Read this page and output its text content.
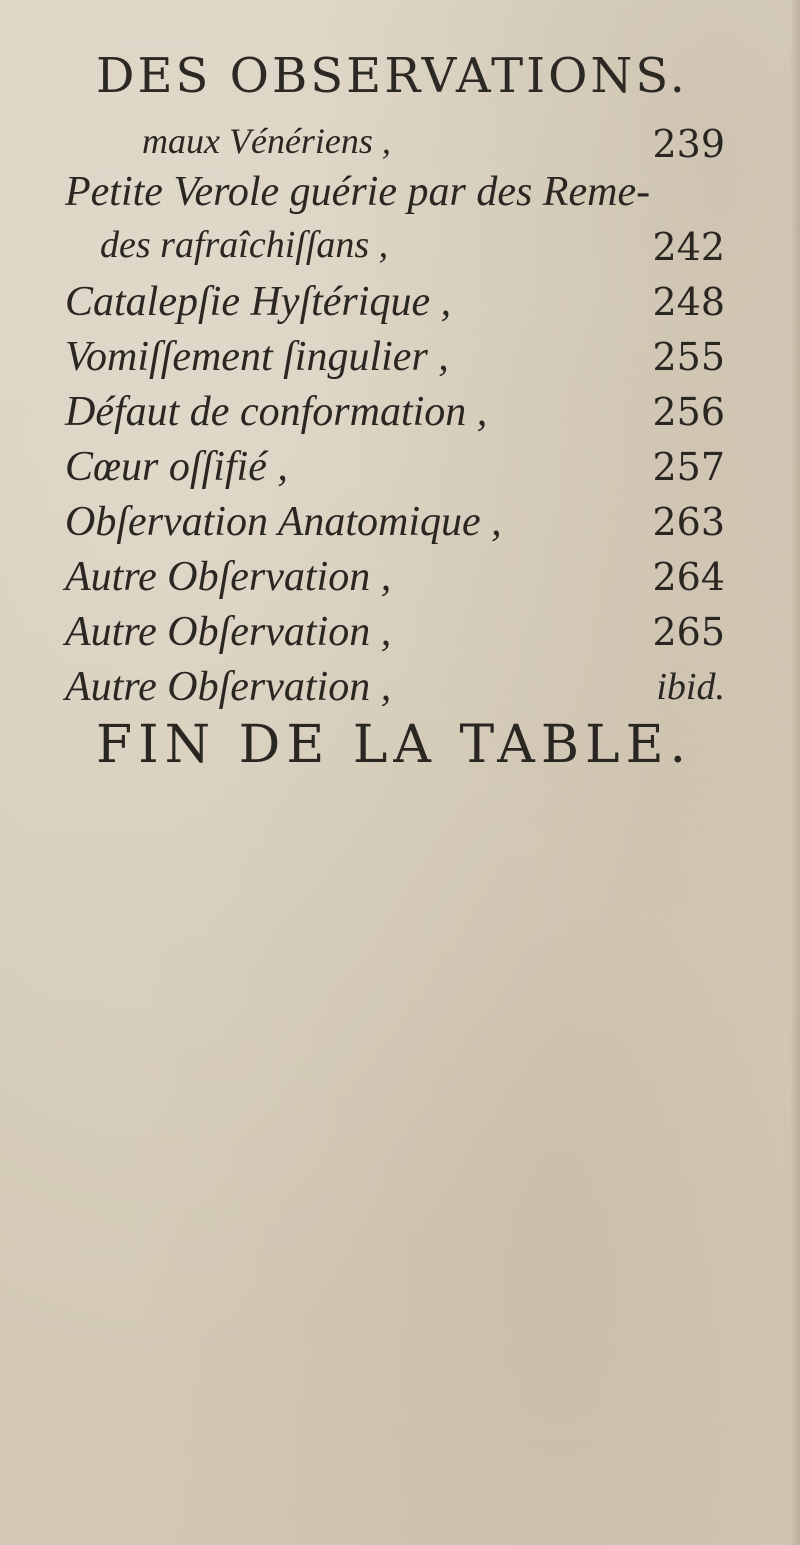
DES OBSERVATIONS.
maux Vénériens ,	239
Petite Verole guérie par des Reme-
des rafraîchiſſans ,	242
Catalepſie Hyſtérique ,	248
Vomiſſement ſingulier ,	255
Défaut de conformation ,	256
Cœur oſſifié ,	257
Obſervation Anatomique ,	263
Autre Obſervation ,	264
Autre Obſervation ,	265
Autre Obſervation ,	ibid.
FIN DE LA TABLE.
